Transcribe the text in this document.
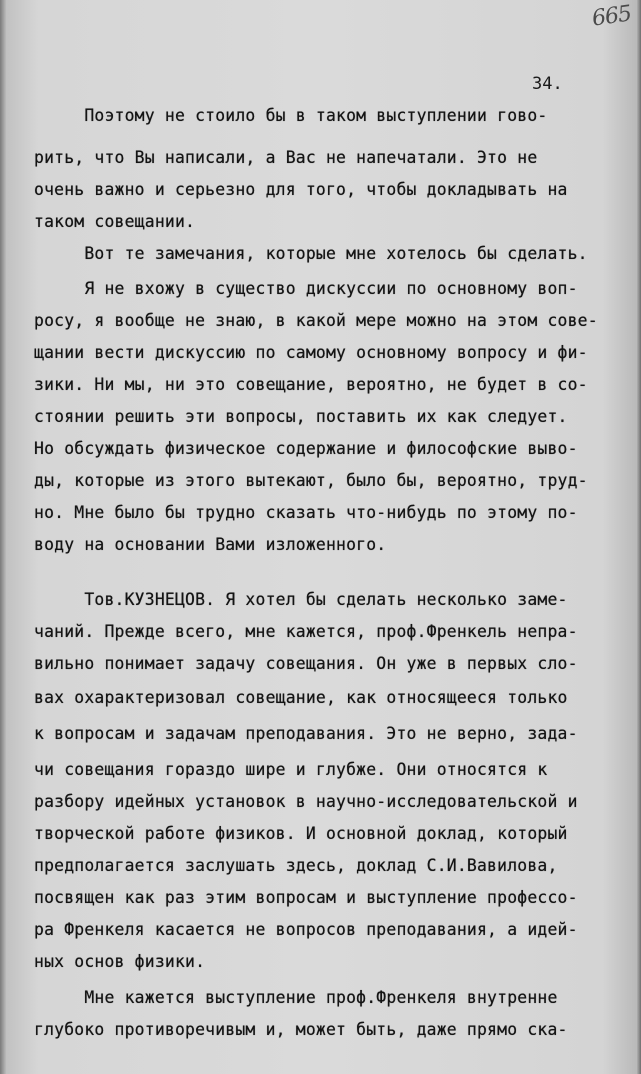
665
34.
Поэтому не стоило бы в таком выступлении гово-
рить, что Вы написали, а Вас не напечатали. Это не
очень важно и серьезно для того, чтобы докладывать на
таком совещании.
Вот те замечания, которые мне хотелось бы сделать.
Я не вхожу в существо дискуссии по основному воп-
росу, я вообще не знаю, в какой мере можно на этом сове-
щании вести дискуссию по самому основному вопросу и фи-
зики. Ни мы, ни это совещание, вероятно, не будет в со-
стоянии решить эти вопросы, поставить их как следует.
Но обсуждать физическое содержание и философские выво-
ды, которые из этого вытекают, было бы, вероятно, труд-
но. Мне было бы трудно сказать что-нибудь по этому по-
воду на основании Вами изложенного.
Тов.КУЗНЕЦОВ. Я хотел бы сделать несколько заме-
чаний. Прежде всего, мне кажется, проф.Френкель непра-
вильно понимает задачу совещания. Он уже в первых сло-
вах охарактеризовал совещание, как относящееся только
к вопросам и задачам преподавания. Это не верно, зада-
чи совещания гораздо шире и глубже. Они относятся к
разбору идейных установок в научно-исследовательской и
творческой работе физиков. И основной доклад, который
предполагается заслушать здесь, доклад С.И.Вавилова,
посвящен как раз этим вопросам и выступление профессо-
ра Френкеля касается не вопросов преподавания, а идей-
ных основ физики.
Мне кажется выступление проф.Френкеля внутренне
глубоко противоречивым и, может быть, даже прямо ска-
